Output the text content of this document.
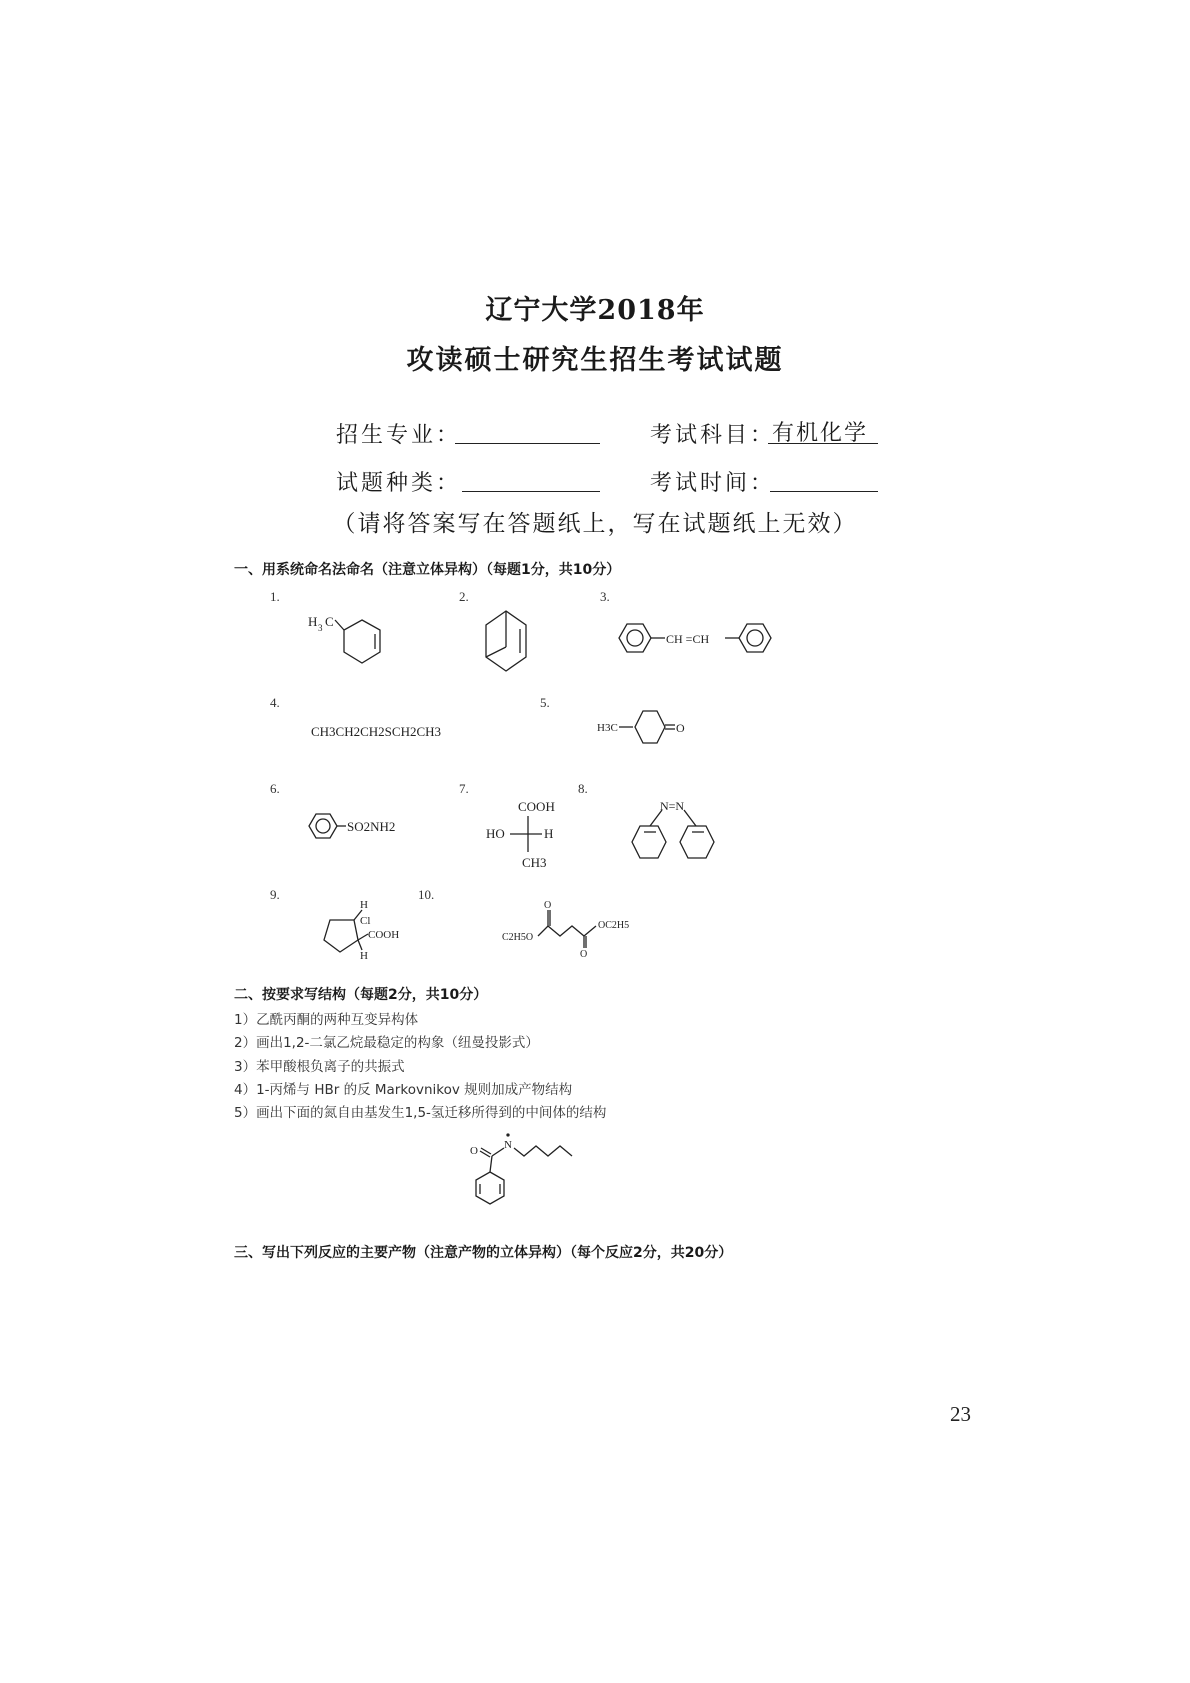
辽宁大学2018年
攻读硕士研究生招生考试试题
招生专业：	考试科目：
有机化学
试题种类：	考试时间：
（请将答案写在答题纸上，写在试题纸上无效）
一、用系统命名法命名（注意立体异构）（每题1分，共10分）
1.	2.	3.
4.	5.
6.	7.	8.
9.	10.
H 3 C
CH =CH
CH3CH2CH2SCH2CH3	H3C	O
SO2NH2
COOH
HO	H
CH3
N=N
H
Cl
COOH
H
C2H5O
O
O
OC2H5
二、按要求写结构（每题2分，共10分）
1）乙酰丙酮的两种互变异构体
2）画出1,2-二氯乙烷最稳定的构象（纽曼投影式）
3）苯甲酸根负离子的共振式
4）1-丙烯与 HBr 的反 Markovnikov 规则加成产物结构
5）画出下面的氮自由基发生1,5-氢迁移所得到的中间体的结构
O N
三、写出下列反应的主要产物（注意产物的立体异构）（每个反应2分，共20分）
23
